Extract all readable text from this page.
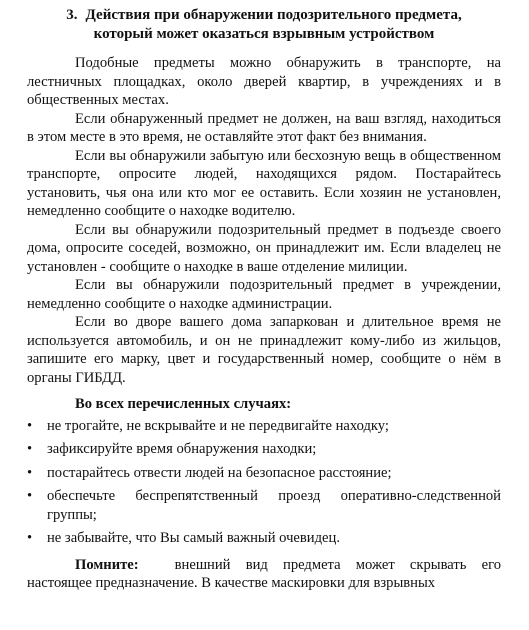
3. Действия при обнаружении подозрительного предмета,
который может оказаться взрывным устройством

Подобные предметы можно обнаружить в транспорте, на лестничных площадках, около дверей квартир, в учреждениях и в общественных местах.

Если обнаруженный предмет не должен, на ваш взгляд, находиться в этом месте в это время, не оставляйте этот факт без внимания.

Если вы обнаружили забытую или бесхозную вещь в общественном транспорте, опросите людей, находящихся рядом. Постарайтесь установить, чья она или кто мог ее оставить. Если хозяин не установлен, немедленно сообщите о находке водителю.

Если вы обнаружили подозрительный предмет в подъезде своего дома, опросите соседей, возможно, он принадлежит им. Если владелец не установлен - сообщите о находке в ваше отделение милиции.

Если вы обнаружили подозрительный предмет в учреждении, немедленно сообщите о находке администрации.

Если во дворе вашего дома запаркован и длительное время не используется автомобиль, и он не принадлежит кому-либо из жильцов, запишите его марку, цвет и государственный номер, сообщите о нём в органы ГИБДД.

Во всех перечисленных случаях:
• не трогайте, не вскрывайте и не передвигайте находку;
• зафиксируйте время обнаружения находки;
• постарайтесь отвести людей на безопасное расстояние;
• обеспечьте беспрепятственный проезд оперативно-следственной группы;
• не забывайте, что Вы самый важный очевидец.
Помните: внешний вид предмета может скрывать его настоящее предназначение. В качестве маскировки для взрывных
